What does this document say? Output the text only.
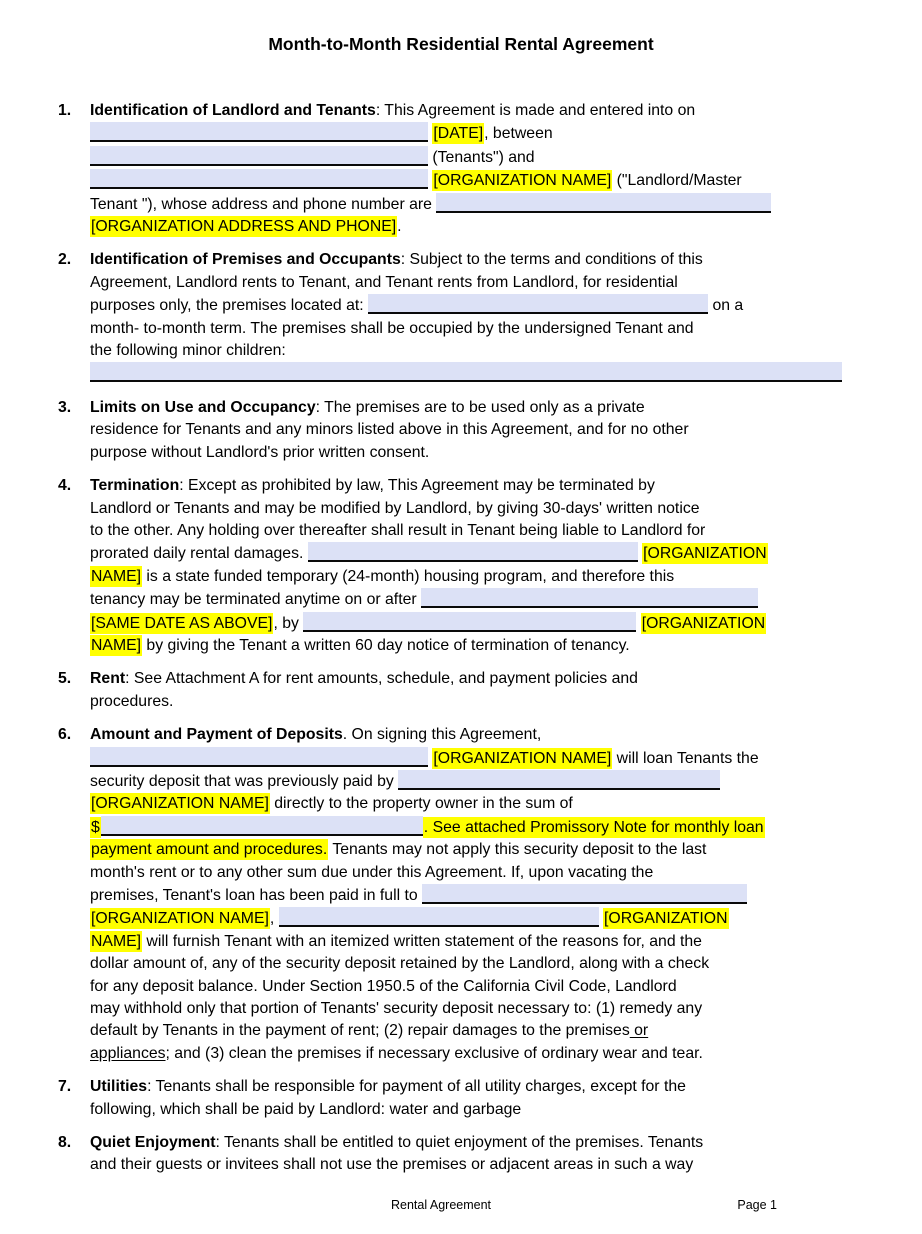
Month-to-Month Residential Rental Agreement
1.	Identification of Landlord and Tenants: This Agreement is made and entered into on
[DATE], between
(Tenants") and
[ORGANIZATION NAME] ("Landlord/Master
Tenant "), whose address and phone number are
[ORGANIZATION ADDRESS AND PHONE].
2.	Identification of Premises and Occupants: Subject to the terms and conditions of this
Agreement, Landlord rents to Tenant, and Tenant rents from Landlord, for residential
purposes only, the premises located at:	on a
month- to-month term. The premises shall be occupied by the undersigned Tenant and
the following minor children:

3.	Limits on Use and Occupancy: The premises are to be used only as a private
residence for Tenants and any minors listed above in this Agreement, and for no other
purpose without Landlord's prior written consent.
4.	Termination: Except as prohibited by law, This Agreement may be terminated by
Landlord or Tenants and may be modified by Landlord, by giving 30-days' written notice
to the other. Any holding over thereafter shall result in Tenant being liable to Landlord for
prorated daily rental damages.	[ORGANIZATION
NAME] is a state funded temporary (24-month) housing program, and therefore this
tenancy may be terminated anytime on or after
[SAME DATE AS ABOVE], by	[ORGANIZATION
NAME] by giving the Tenant a written 60 day notice of termination of tenancy.
5.	Rent: See Attachment A for rent amounts, schedule, and payment policies and
procedures.
6.	Amount and Payment of Deposits. On signing this Agreement,
[ORGANIZATION NAME] will loan Tenants the
security deposit that was previously paid by
[ORGANIZATION NAME] directly to the property owner in the sum of
$	. See attached Promissory Note for monthly loan
payment amount and procedures. Tenants may not apply this security deposit to the last
month's rent or to any other sum due under this Agreement. If, upon vacating the
premises, Tenant's loan has been paid in full to
[ORGANIZATION NAME],	[ORGANIZATION
NAME] will furnish Tenant with an itemized written statement of the reasons for, and the
dollar amount of, any of the security deposit retained by the Landlord, along with a check
for any deposit balance. Under Section 1950.5 of the California Civil Code, Landlord
may withhold only that portion of Tenants' security deposit necessary to: (1) remedy any
default by Tenants in the payment of rent; (2) repair damages to the premises or
appliances; and (3) clean the premises if necessary exclusive of ordinary wear and tear.
7.	Utilities: Tenants shall be responsible for payment of all utility charges, except for the
following, which shall be paid by Landlord: water and garbage
8.	Quiet Enjoyment: Tenants shall be entitled to quiet enjoyment of the premises. Tenants
and their guests or invitees shall not use the premises or adjacent areas in such a way
Rental Agreement	Page 1
